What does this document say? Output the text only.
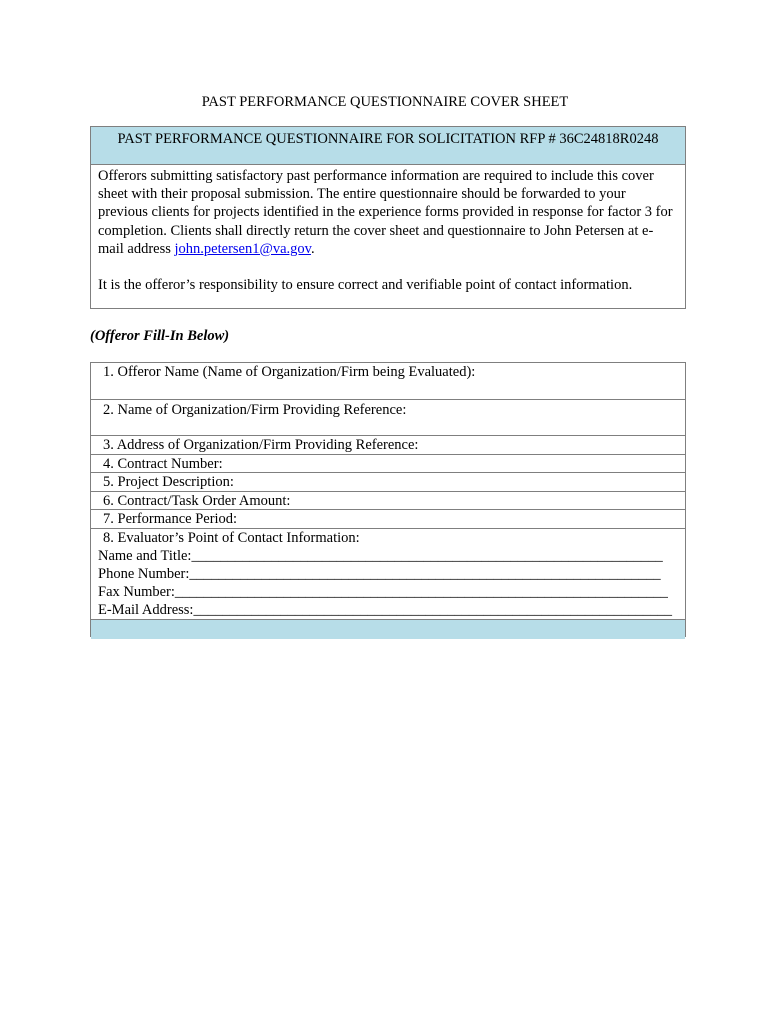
PAST PERFORMANCE QUESTIONNAIRE COVER SHEET
PAST PERFORMANCE QUESTIONNAIRE FOR SOLICITATION RFP # 36C24818R0248

Offerors submitting satisfactory past performance information are required to include this cover sheet with their proposal submission. The entire questionnaire should be forwarded to your previous clients for projects identified in the experience forms provided in response for factor 3 for completion. Clients shall directly return the cover sheet and questionnaire to John Petersen at e-mail address john.petersen1@va.gov.

It is the offeror’s responsibility to ensure correct and verifiable point of contact information.

(Offeror Fill-In Below)
1. Offeror Name (Name of Organization/Firm being Evaluated):
2. Name of Organization/Firm Providing Reference:
3. Address of Organization/Firm Providing Reference:
4. Contract Number:
5. Project Description:
6. Contract/Task Order Amount:
7. Performance Period:
8. Evaluator’s Point of Contact Information:
Name and Title:_________________________________________________________________
Phone Number:_________________________________________________________________
Fax Number:____________________________________________________________________
E-Mail Address:__________________________________________________________________
